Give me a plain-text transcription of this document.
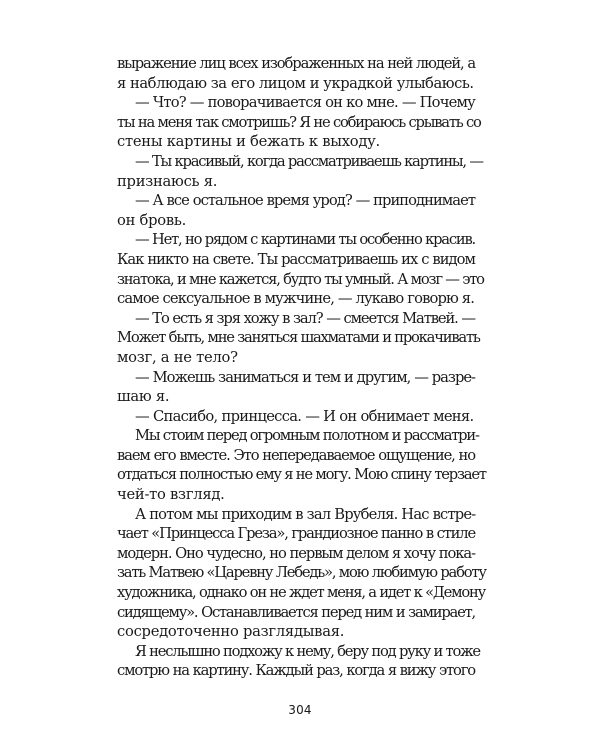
выражение лиц всех изображенных на ней людей, а
я наблюдаю за его лицом и украдкой улыбаюсь.
— Что? — поворачивается он ко мне. — Почему
ты на меня так смотришь? Я не собираюсь срывать со
стены картины и бежать к выходу.
— Ты красивый, когда рассматриваешь картины, —
признаюсь я.
— А все остальное время урод? — приподнимает
он бровь.
— Нет, но рядом с картинами ты особенно красив.
Как никто на свете. Ты рассматриваешь их с видом
знатока, и мне кажется, будто ты умный. А мозг — это
самое сексуальное в мужчине, — лукаво говорю я.
— То есть я зря хожу в зал? — смеется Матвей. —
Может быть, мне заняться шахматами и прокачивать
мозг, а не тело?
— Можешь заниматься и тем и другим, — разре-
шаю я.
— Спасибо, принцесса. — И он обнимает меня.
Мы стоим перед огромным полотном и рассматри-
ваем его вместе. Это непередаваемое ощущение, но
отдаться полностью ему я не могу. Мою спину терзает
чей-то взгляд.
А потом мы приходим в зал Врубеля. Нас встре-
чает «Принцесса Греза», грандиозное панно в стиле
модерн. Оно чудесно, но первым делом я хочу пока-
зать Матвею «Царевну Лебедь», мою любимую работу
художника, однако он не ждет меня, а идет к «Демону
сидящему». Останавливается перед ним и замирает,
сосредоточенно разглядывая.
Я неслышно подхожу к нему, беру под руку и тоже
смотрю на картину. Каждый раз, когда я вижу этого
304
